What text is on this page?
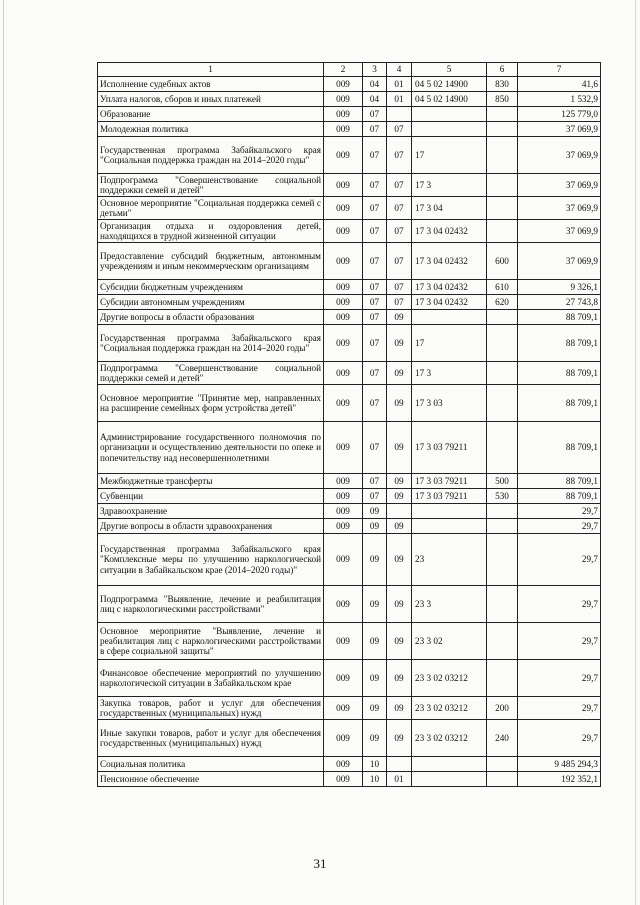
1	2	3	4	5	6	7
Исполнение судебных актов	009	04	01	04 5 02 14900	830	41,6
Уплата налогов, сборов и иных платежей	009	04	01	04 5 02 14900	850	1 532,9
Образование	009	07				125 779,0
Молодежная политика	009	07	07			37 069,9
Государственная программа Забайкальского края "Социальная поддержка граждан на 2014–2020 годы"	009	07	07	17		37 069,9
Подпрограмма "Совершенствование социальной поддержки семей и детей"	009	07	07	17 3		37 069,9
Основное мероприятие "Социальная поддержка семей с детьми"	009	07	07	17 3 04		37 069,9
Организация отдыха и оздоровления детей, находящихся в трудной жизненной ситуации	009	07	07	17 3 04 02432		37 069,9
Предоставление субсидий бюджетным, автономным учреждениям и иным некоммерческим организациям	009	07	07	17 3 04 02432	600	37 069,9
Субсидии бюджетным учреждениям	009	07	07	17 3 04 02432	610	9 326,1
Субсидии автономным учреждениям	009	07	07	17 3 04 02432	620	27 743,8
Другие вопросы в области образования	009	07	09			88 709,1
Государственная программа Забайкальского края "Социальная поддержка граждан на 2014–2020 годы"	009	07	09	17		88 709,1
Подпрограмма "Совершенствование социальной поддержки семей и детей"	009	07	09	17 3		88 709,1
Основное мероприятие "Принятие мер, направленных на расширение семейных форм устройства детей"	009	07	09	17 3 03		88 709,1
Администрирование государственного полномочия по организации и осуществлению деятельности по опеке и попечительству над несовершеннолетними	009	07	09	17 3 03 79211		88 709,1
Межбюджетные трансферты	009	07	09	17 3 03 79211	500	88 709,1
Субвенции	009	07	09	17 3 03 79211	530	88 709,1
Здравоохранение	009	09				29,7
Другие вопросы в области здравоохранения	009	09	09			29,7
Государственная программа Забайкальского края "Комплексные меры по улучшению наркологической ситуации в Забайкальском крае (2014–2020 годы)"	009	09	09	23		29,7
Подпрограмма "Выявление, лечение и реабилитация лиц с наркологическими расстройствами"	009	09	09	23 3		29,7
Основное мероприятие "Выявление, лечение и реабилитация лиц с наркологическими расстройствами в сфере социальной защиты"	009	09	09	23 3 02		29,7
Финансовое обеспечение мероприятий по улучшению наркологической ситуации в Забайкальском крае	009	09	09	23 3 02 03212		29,7
Закупка товаров, работ и услуг для обеспечения государственных (муниципальных) нужд	009	09	09	23 3 02 03212	200	29,7
Иные закупки товаров, работ и услуг для обеспечения государственных (муниципальных) нужд	009	09	09	23 3 02 03212	240	29,7
Социальная политика	009	10				9 485 294,3
Пенсионное обеспечение	009	10	01			192 352,1
31
